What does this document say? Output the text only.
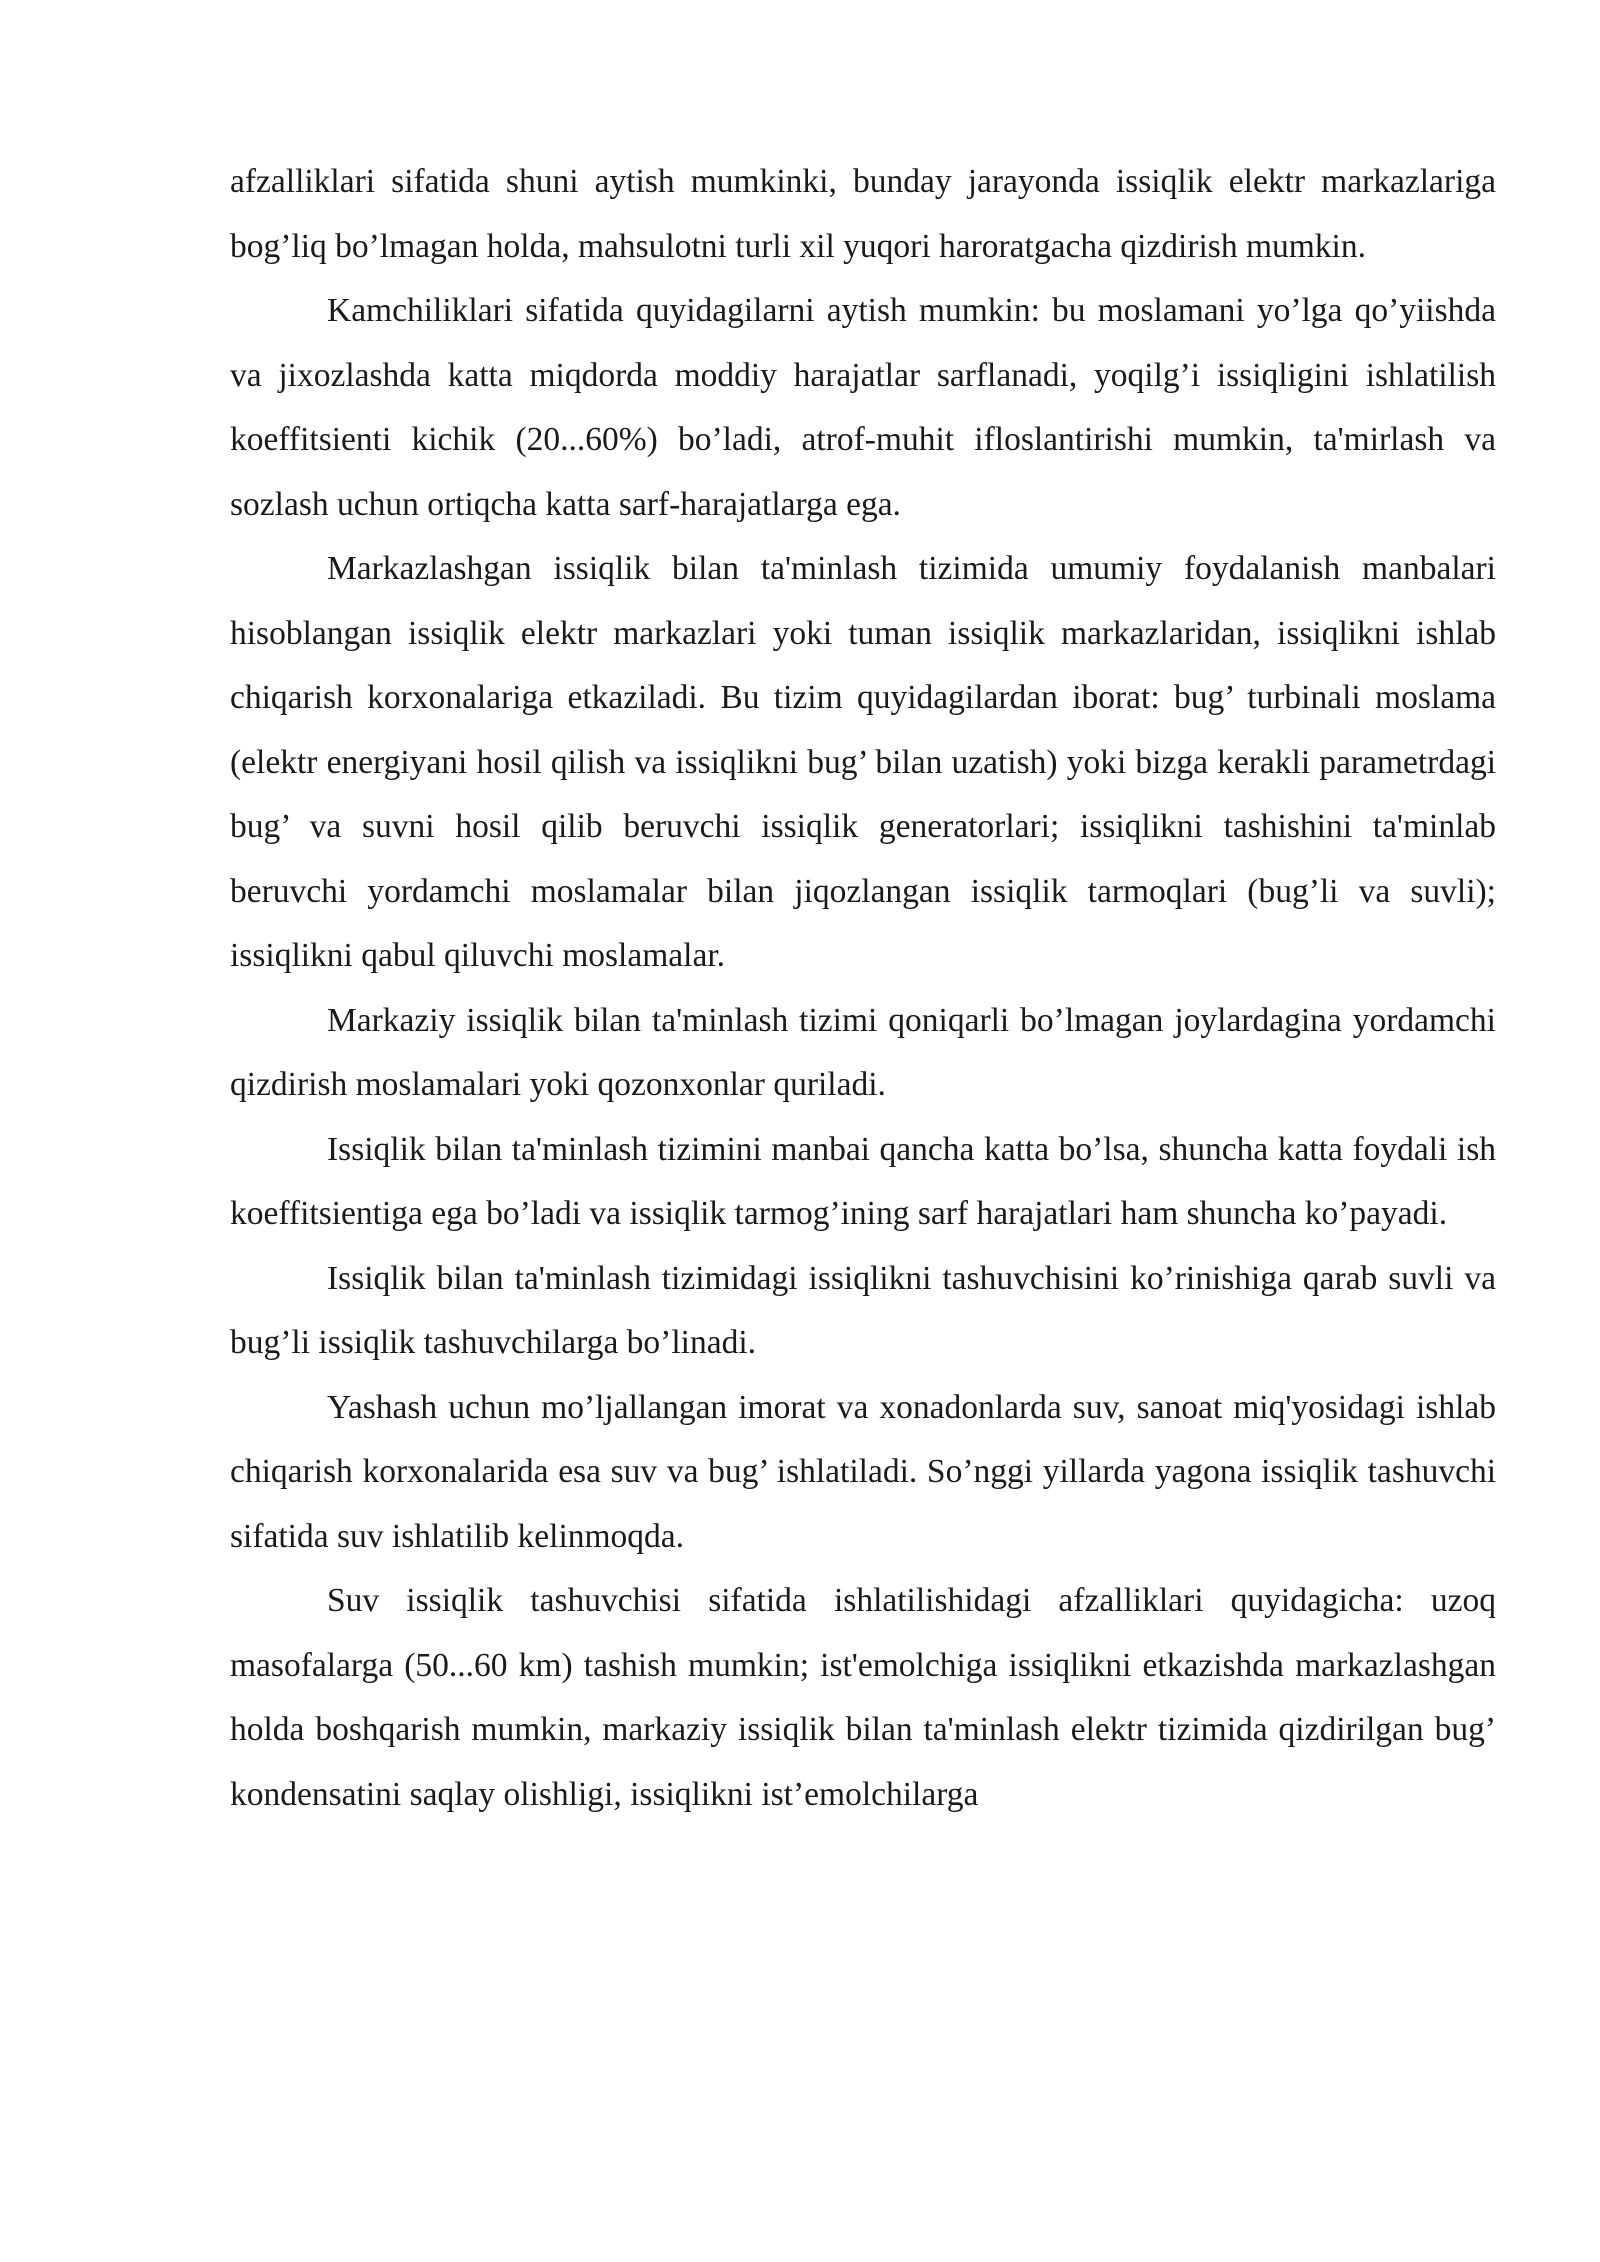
afzalliklari sifatida shuni aytish mumkinki, bunday jarayonda issiqlik elektr markazlariga bog’liq bo’lmagan holda, mahsulotni turli xil yuqori haroratgacha qizdirish mumkin.

Kamchiliklari sifatida quyidagilarni aytish mumkin: bu moslamani yo’lga qo’yiishda va jixozlashda katta miqdorda moddiy harajatlar sarflanadi, yoqilg’i issiqligini ishlatilish koeffitsienti kichik (20...60%) bo’ladi, atrof-muhit ifloslantirishi mumkin, ta'mirlash va sozlash uchun ortiqcha katta sarf-harajatlarga ega.

Markazlashgan issiqlik bilan ta'minlash tizimida umumiy foydalanish manbalari hisoblangan issiqlik elektr markazlari yoki tuman issiqlik markazlaridan, issiqlikni ishlab chiqarish korxonalariga etkaziladi. Bu tizim quyidagilardan iborat: bug’ turbinali moslama (elektr energiyani hosil qilish va issiqlikni bug’ bilan uzatish) yoki bizga kerakli parametrdagi bug’ va suvni hosil qilib beruvchi issiqlik generatorlari; issiqlikni tashishini ta'minlab beruvchi yordamchi moslamalar bilan jiqozlangan issiqlik tarmoqlari (bug’li va suvli); issiqlikni qabul qiluvchi moslamalar.

Markaziy issiqlik bilan ta'minlash tizimi qoniqarli bo’lmagan joylardagina yordamchi qizdirish moslamalari yoki qozonxonlar quriladi.

Issiqlik bilan ta'minlash tizimini manbai qancha katta bo’lsa, shuncha katta foydali ish koeffitsientiga ega bo’ladi va issiqlik tarmog’ining sarf harajatlari ham shuncha ko’payadi.

Issiqlik bilan ta'minlash tizimidagi issiqlikni tashuvchisini ko’rinishiga qarab suvli va bug’li issiqlik tashuvchilarga bo’linadi.

Yashash uchun mo’ljallangan imorat va xonadonlarda suv, sanoat miq'yosidagi ishlab chiqarish korxonalarida esa suv va bug’ ishlatiladi. So’nggi yillarda yagona issiqlik tashuvchi sifatida suv ishlatilib kelinmoqda.

Suv issiqlik tashuvchisi sifatida ishlatilishidagi afzalliklari quyidagicha: uzoq masofalarga (50...60 km) tashish mumkin; ist'emolchiga issiqlikni etkazishda markazlashgan holda boshqarish mumkin, markaziy issiqlik bilan ta'minlash elektr tizimida qizdirilgan bug’ kondensatini saqlay olishligi, issiqlikni ist’emolchilarga
